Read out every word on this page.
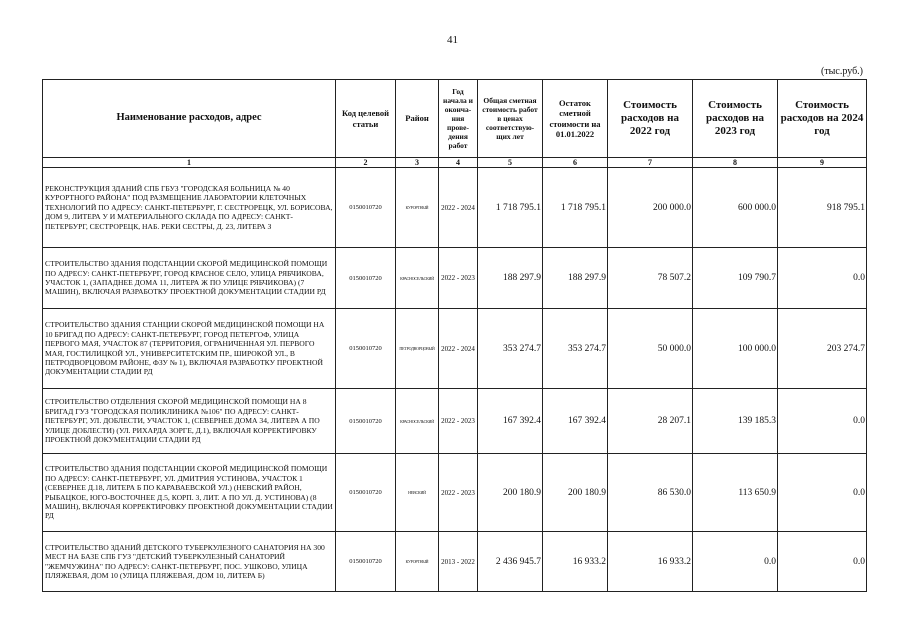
41
(тыс.руб.)
Наименование расходов, адрес	Код целевой статьи	Район	Год начала и оконча-ния прове-дения работ	Общая сметная стоимость работ в ценах соответствую-щих лет	Остаток сметной стоимости на 01.01.2022	Стоимость расходов на 2022 год	Стоимость расходов на 2023 год	Стоимость расходов на 2024 год
1	2	3	4	5	6	7	8	9
РЕКОНСТРУКЦИЯ ЗДАНИЙ СПБ ГБУЗ "ГОРОДСКАЯ БОЛЬНИЦА № 40 КУРОРТНОГО РАЙОНА" ПОД РАЗМЕЩЕНИЕ ЛАБОРАТОРИИ КЛЕТОЧНЫХ ТЕХНОЛОГИЙ ПО АДРЕСУ: САНКТ-ПЕТЕРБУРГ, Г. СЕСТРОРЕЦК, УЛ. БОРИСОВА, ДОМ 9, ЛИТЕРА У И МАТЕРИАЛЬНОГО СКЛАДА ПО АДРЕСУ: САНКТ-ПЕТЕРБУРГ, СЕСТРОРЕЦК, НАБ. РЕКИ СЕСТРЫ, Д. 23, ЛИТЕРА З	0150010720	КУРОРТНЫЙ	2022 - 2024	1 718 795.1	1 718 795.1	200 000.0	600 000.0	918 795.1
СТРОИТЕЛЬСТВО ЗДАНИЯ ПОДСТАНЦИИ СКОРОЙ МЕДИЦИНСКОЙ ПОМОЩИ ПО АДРЕСУ: САНКТ-ПЕТЕРБУРГ, ГОРОД КРАСНОЕ СЕЛО, УЛИЦА РЯБЧИКОВА, УЧАСТОК 1, (ЗАПАДНЕЕ ДОМА 11, ЛИТЕРА Ж ПО УЛИЦЕ РЯБЧИКОВА) (7 МАШИН), ВКЛЮЧАЯ РАЗРАБОТКУ ПРОЕКТНОЙ ДОКУМЕНТАЦИИ СТАДИИ РД	0150010720	КРАСНОСЕЛЬСКИЙ	2022 - 2023	188 297.9	188 297.9	78 507.2	109 790.7	0.0
СТРОИТЕЛЬСТВО ЗДАНИЯ СТАНЦИИ СКОРОЙ МЕДИЦИНСКОЙ ПОМОЩИ НА 10 БРИГАД ПО АДРЕСУ: САНКТ-ПЕТЕРБУРГ, ГОРОД ПЕТЕРГОФ, УЛИЦА ПЕРВОГО МАЯ, УЧАСТОК 87 (ТЕРРИТОРИЯ, ОГРАНИЧЕННАЯ УЛ. ПЕРВОГО МАЯ, ГОСТИЛИЦКОЙ УЛ., УНИВЕРСИТЕТСКИМ ПР., ШИРОКОЙ УЛ., В ПЕТРОДВОРЦОВОМ РАЙОНЕ, ФЗУ № 1), ВКЛЮЧАЯ РАЗРАБОТКУ ПРОЕКТНОЙ ДОКУМЕНТАЦИИ СТАДИИ РД	0150010720	ПЕТРОДВОРЦОВЫЙ	2022 - 2024	353 274.7	353 274.7	50 000.0	100 000.0	203 274.7
СТРОИТЕЛЬСТВО ОТДЕЛЕНИЯ СКОРОЙ МЕДИЦИНСКОЙ ПОМОЩИ НА 8 БРИГАД ГУЗ "ГОРОДСКАЯ ПОЛИКЛИНИКА №106" ПО АДРЕСУ: САНКТ-ПЕТЕРБУРГ, УЛ. ДОБЛЕСТИ, УЧАСТОК 1, (СЕВЕРНЕЕ ДОМА 34, ЛИТЕРА А ПО УЛИЦЕ ДОБЛЕСТИ) (УЛ. РИХАРДА ЗОРГЕ, Д.1), ВКЛЮЧАЯ КОРРЕКТИРОВКУ ПРОЕКТНОЙ ДОКУМЕНТАЦИИ СТАДИИ РД	0150010720	КРАСНОСЕЛЬСКИЙ	2022 - 2023	167 392.4	167 392.4	28 207.1	139 185.3	0.0
СТРОИТЕЛЬСТВО ЗДАНИЯ ПОДСТАНЦИИ СКОРОЙ МЕДИЦИНСКОЙ ПОМОЩИ ПО АДРЕСУ: САНКТ-ПЕТЕРБУРГ, УЛ. ДМИТРИЯ УСТИНОВА, УЧАСТОК 1 (СЕВЕРНЕЕ Д.18, ЛИТЕРА Б ПО КАРАВАЕВСКОЙ УЛ.) (НЕВСКИЙ РАЙОН, РЫБАЦКОЕ, ЮГО-ВОСТОЧНЕЕ Д.5, КОРП. 3, ЛИТ. А ПО УЛ. Д. УСТИНОВА) (8 МАШИН), ВКЛЮЧАЯ КОРРЕКТИРОВКУ ПРОЕКТНОЙ ДОКУМЕНТАЦИИ СТАДИИ РД	0150010720	НЕВСКИЙ	2022 - 2023	200 180.9	200 180.9	86 530.0	113 650.9	0.0
СТРОИТЕЛЬСТВО ЗДАНИЙ ДЕТСКОГО ТУБЕРКУЛЕЗНОГО САНАТОРИЯ НА 300 МЕСТ НА БАЗЕ СПБ ГУЗ "ДЕТСКИЙ ТУБЕРКУЛЕЗНЫЙ САНАТОРИЙ "ЖЕМЧУЖИНА" ПО АДРЕСУ: САНКТ-ПЕТЕРБУРГ, ПОС. УШКОВО, УЛИЦА ПЛЯЖЕВАЯ, ДОМ 10 (УЛИЦА ПЛЯЖЕВАЯ, ДОМ 10, ЛИТЕРА Б)	0150010720	КУРОРТНЫЙ	2013 - 2022	2 436 945.7	16 933.2	16 933.2	0.0	0.0
